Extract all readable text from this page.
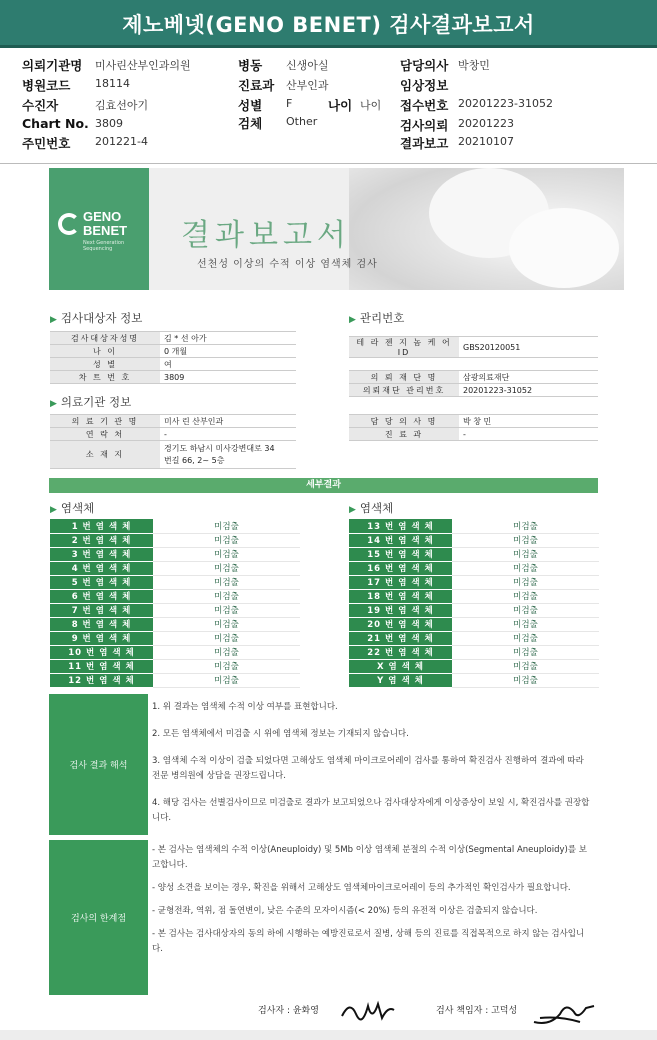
제노베넷(GENO BENET) 검사결과보고서
의뢰기관명 미사린산부인과의원
병원코드 18114
수진자	김효선아기
Chart No. 3809
주민번호 201221-4
병동 신생아실
진료과 산부인과
성별 F	나이 나이
검체 Other
담당의사 박창민
임상정보
접수번호 20201223-31052
검사의뢰 20201223
결과보고 20210107
GENO
BENET
Next Generation Sequencing	결과보고서
선천성 이상의 수적 이상 염색체 검사
▶ 검사대상자 정보
검사대상자성명	김 * 선 아가
나 이	0 개월
성 별	여
차 트 번 호	3809
▶ 관리번호
테 라 젠 지 놈 케 어 ID	GBS20120051

의 뢰 재 단 명	삼광의료재단
의뢰재단 관리번호	20201223-31052
▶ 의료기관 정보
의 료 기 관 명	미사 린 산부인과
연 락 처	-
소 재 지	경기도 하남시 미사강변대로 34
번길 66, 2~ 5층
담 당 의 사 명	박 창 민
진 료 과	-
세부결과
▶ 염색체	▶ 염색체
1 번 염 색 체	미검출
2 번 염 색 체	미검출
3 번 염 색 체	미검출
4 번 염 색 체	미검출
5 번 염 색 체	미검출
6 번 염 색 체	미검출
7 번 염 색 체	미검출
8 번 염 색 체	미검출
9 번 염 색 체	미검출
10 번 염 색 체	미검출
11 번 염 색 체	미검출
12 번 염 색 체	미검출
13 번 염 색 체	미검출
14 번 염 색 체	미검출
15 번 염 색 체	미검출
16 번 염 색 체	미검출
17 번 염 색 체	미검출
18 번 염 색 체	미검출
19 번 염 색 체	미검출
20 번 염 색 체	미검출
21 번 염 색 체	미검출
22 번 염 색 체	미검출
X 염 색 체	미검출
Y 염 색 체	미검출
검사 결과 해석

1. 위 결과는 염색체 수적 이상 여부를 표현합니다.

2. 모든 염색체에서 미검출 시 위에 염색체 정보는 기재되지 않습니다.

3. 염색체 수적 이상이 검출 되었다면 고해상도 염색체 마이크로어레이 검사를 통하여 확진검사 진행하여 결과에 따라 전문 병의원에 상담을 권장드립니다.

4. 해당 검사는 선별검사이므로 미검출로 결과가 보고되었으나 검사대상자에게 이상증상이 보일 시, 확진검사를 권장합니다.

검사의 한계점

- 본 검사는 염색체의 수적 이상(Aneuploidy) 및 5Mb 이상 염색체 분절의 수적 이상(Segmental Aneuploidy)를 보고합니다.

- 양성 소견을 보이는 경우, 확진을 위해서 고해상도 염색체마이크로어레이 등의 추가적인 확인검사가 필요합니다.

- 균형전좌, 역위, 점 돌연변이, 낮은 수준의 모자이시즘(< 20%) 등의 유전적 이상은 검출되지 않습니다.

- 본 검사는 검사대상자의 동의 하에 시행하는 예방진료로서 질병, 상해 등의 진료를 직접목적으로 하지 않는 검사입니다.

검사자 : 윤화영	검사 책임자 : 고덕성
